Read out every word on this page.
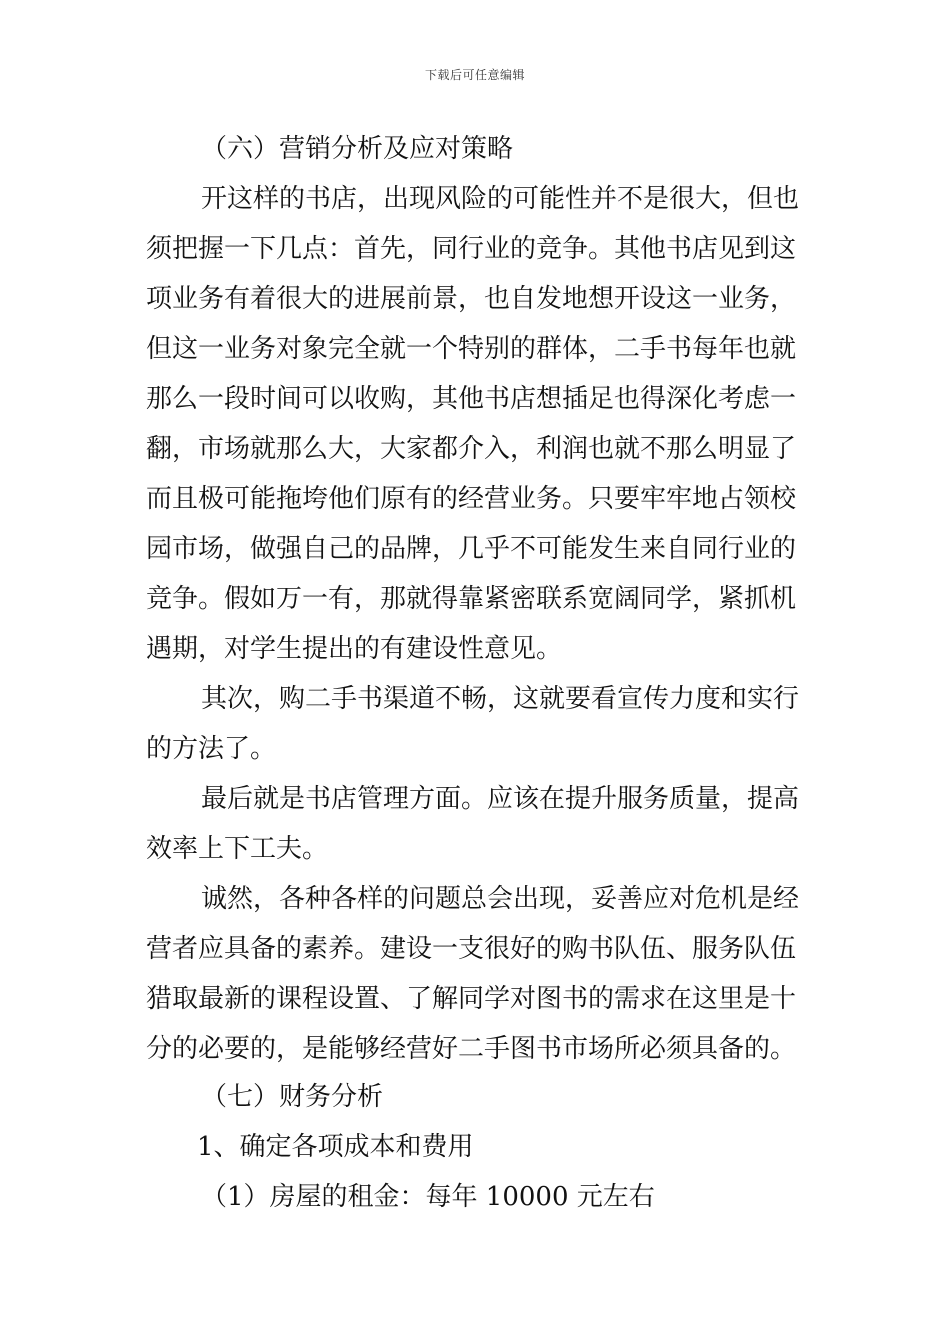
下载后可任意编辑
（六）营销分析及应对策略
开这样的书店，出现风险的可能性并不是很大，但也
须把握一下几点：首先，同行业的竞争。其他书店见到这
项业务有着很大的进展前景，也自发地想开设这一业务，
但这一业务对象完全就一个特别的群体，二手书每年也就
那么一段时间可以收购，其他书店想插足也得深化考虑一
翻，市场就那么大，大家都介入，利润也就不那么明显了
而且极可能拖垮他们原有的经营业务。只要牢牢地占领校
园市场，做强自己的品牌，几乎不可能发生来自同行业的
竞争。假如万一有，那就得靠紧密联系宽阔同学，紧抓机
遇期，对学生提出的有建设性意见。
其次，购二手书渠道不畅，这就要看宣传力度和实行
的方法了。
最后就是书店管理方面。应该在提升服务质量，提高
效率上下工夫。
诚然，各种各样的问题总会出现，妥善应对危机是经
营者应具备的素养。建设一支很好的购书队伍、服务队伍
猎取最新的课程设置、了解同学对图书的需求在这里是十
分的必要的，是能够经营好二手图书市场所必须具备的。
（七）财务分析
1、确定各项成本和费用
（1）房屋的租金：每年 10000 元左右
